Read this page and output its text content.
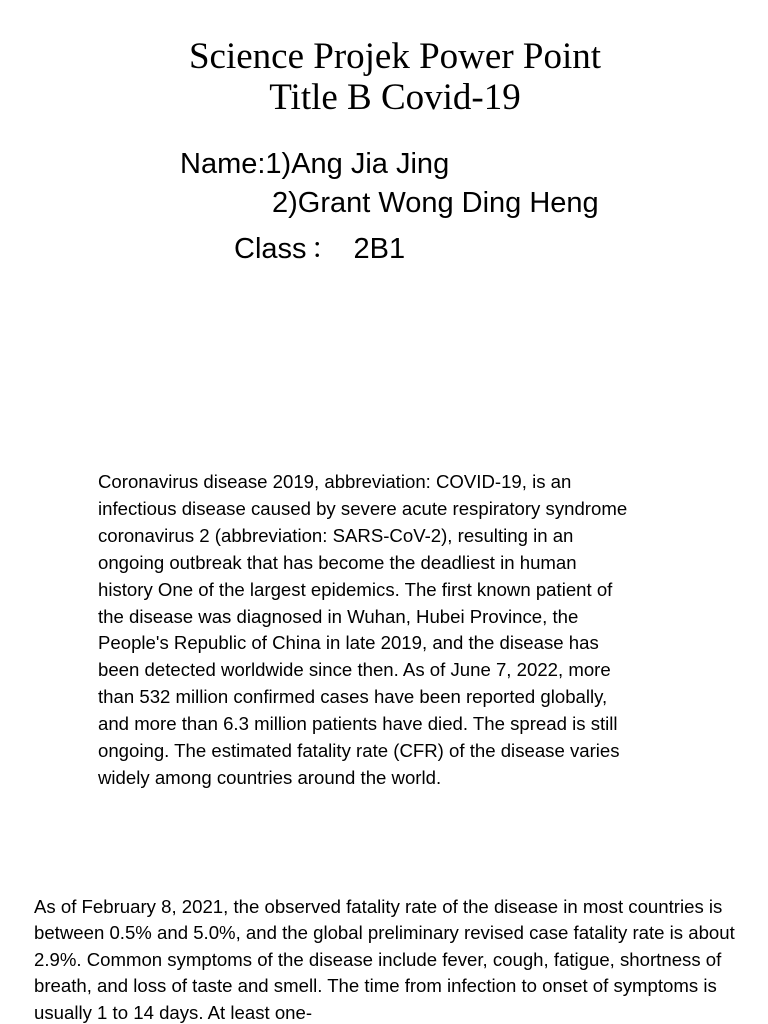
Science Projek Power Point
Title B Covid-19
Name:1)Ang Jia Jing
2)Grant Wong Ding Heng
Class ： 2B1

Coronavirus disease 2019, abbreviation: COVID-19, is an infectious disease caused by severe acute respiratory syndrome coronavirus 2 (abbreviation: SARS-CoV-2), resulting in an ongoing outbreak that has become the deadliest in human history One of the largest epidemics. The first known patient of the disease was diagnosed in Wuhan, Hubei Province, the People's Republic of China in late 2019, and the disease has been detected worldwide since then. As of June 7, 2022, more than 532 million confirmed cases have been reported globally, and more than 6.3 million patients have died. The spread is still ongoing. The estimated fatality rate (CFR) of the disease varies widely among countries around the world.

As of February 8, 2021, the observed fatality rate of the disease in most countries is between 0.5% and 5.0%, and the global preliminary revised case fatality rate is about 2.9%. Common symptoms of the disease include fever, cough, fatigue, shortness of breath, and loss of taste and smell. The time from infection to onset of symptoms is usually 1 to 14 days. At least one-
